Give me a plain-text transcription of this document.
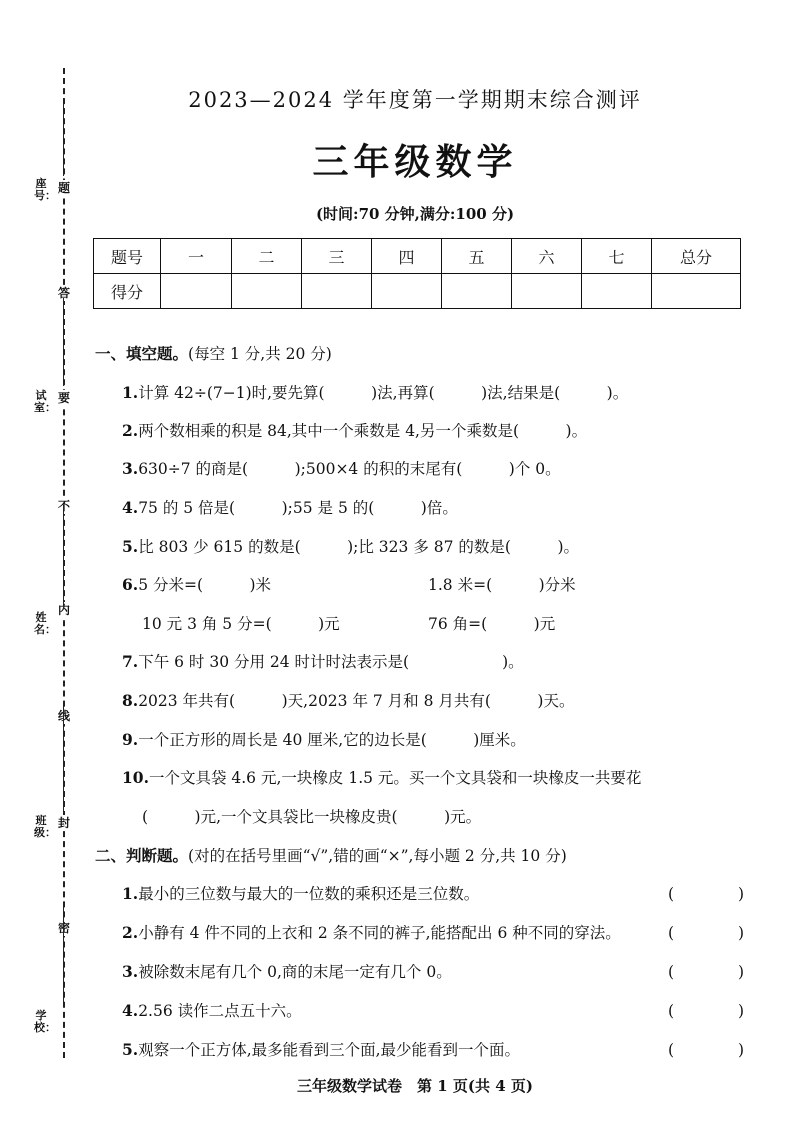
题
答
要
不
内
线
封
密
座号：
试室：
姓名：
班级：
学校：
2023—2024 学年度第一学期期末综合测评
三年级数学
(时间:70 分钟,满分:100 分)
题号	一	二	三	四	五	六	七	总分
得分								
一、填空题。(每空 1 分,共 20 分)
1.计算 42÷(7−1)时,要先算(　　　)法,再算(　　　)法,结果是(　　　)。
2.两个数相乘的积是 84,其中一个乘数是 4,另一个乘数是(　　　)。
3.630÷7 的商是(　　　);500×4 的积的末尾有(　　　)个 0。
4.75 的 5 倍是(　　　);55 是 5 的(　　　)倍。
5.比 803 少 615 的数是(　　　);比 323 多 87 的数是(　　　)。
6.5 分米=(　　　)米	1.8 米=(　　　)分米
10 元 3 角 5 分=(　　　)元	76 角=(　　　)元
7.下午 6 时 30 分用 24 时计时法表示是(　　　　　　)。
8.2023 年共有(　　　)天,2023 年 7 月和 8 月共有(　　　)天。
9.一个正方形的周长是 40 厘米,它的边长是(　　　)厘米。
10.一个文具袋 4.6 元,一块橡皮 1.5 元。买一个文具袋和一块橡皮一共要花
(　　　)元,一个文具袋比一块橡皮贵(　　　)元。
二、判断题。(对的在括号里画“√”,错的画“×”,每小题 2 分,共 10 分)
1.最小的三位数与最大的一位数的乘积还是三位数。	(	)
2.小静有 4 件不同的上衣和 2 条不同的裤子,能搭配出 6 种不同的穿法。	(	)
3.被除数末尾有几个 0,商的末尾一定有几个 0。	(	)
4.2.56 读作二点五十六。	(	)
5.观察一个正方体,最多能看到三个面,最少能看到一个面。	(	)
三年级数学试卷　第 1 页(共 4 页)
